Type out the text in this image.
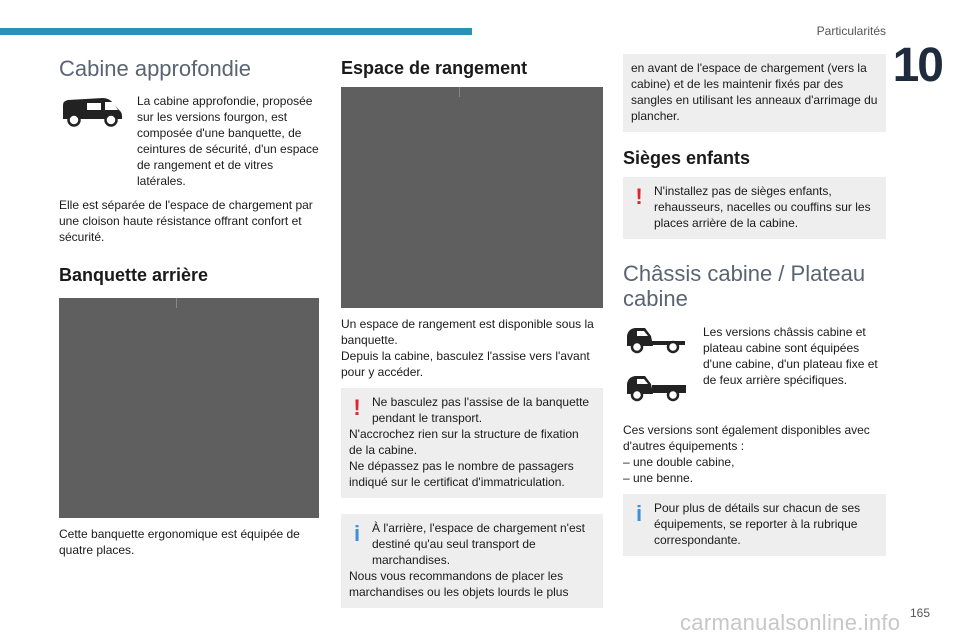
Particularités
10
Cabine approfondie

La cabine approfondie, proposée sur les versions fourgon, est composée d'une banquette, de ceintures de sécurité, d'un espace de rangement et de vitres latérales.

Elle est séparée de l'espace de chargement par une cloison haute résistance offrant confort et sécurité.

Banquette arrière

Cette banquette ergonomique est équipée de quatre places.

Espace de rangement

Un espace de rangement est disponible sous la banquette.

Depuis la cabine, basculez l'assise vers l'avant pour y accéder.

! Ne basculez pas l'assise de la banquette pendant le transport.
N'accrochez rien sur la structure de fixation de la cabine.
Ne dépassez pas le nombre de passagers indiqué sur le certificat d'immatriculation.
i À l'arrière, l'espace de chargement n'est destiné qu'au seul transport de marchandises.
Nous vous recommandons de placer les marchandises ou les objets lourds le plus
en avant de l'espace de chargement (vers la cabine) et de les maintenir fixés par des sangles en utilisant les anneaux d'arrimage du plancher.
Sièges enfants
! N'installez pas de sièges enfants, rehausseurs, nacelles ou couffins sur les places arrière de la cabine.
Châssis cabine / Plateau cabine

Les versions châssis cabine et plateau cabine sont équipées d'une cabine, d'un plateau fixe et de feux arrière spécifiques.

Ces versions sont également disponibles avec d'autres équipements :

– une double cabine,

– une benne.

i Pour plus de détails sur chacun de ses équipements, se reporter à la rubrique correspondante.
165
carmanualsonline.info
